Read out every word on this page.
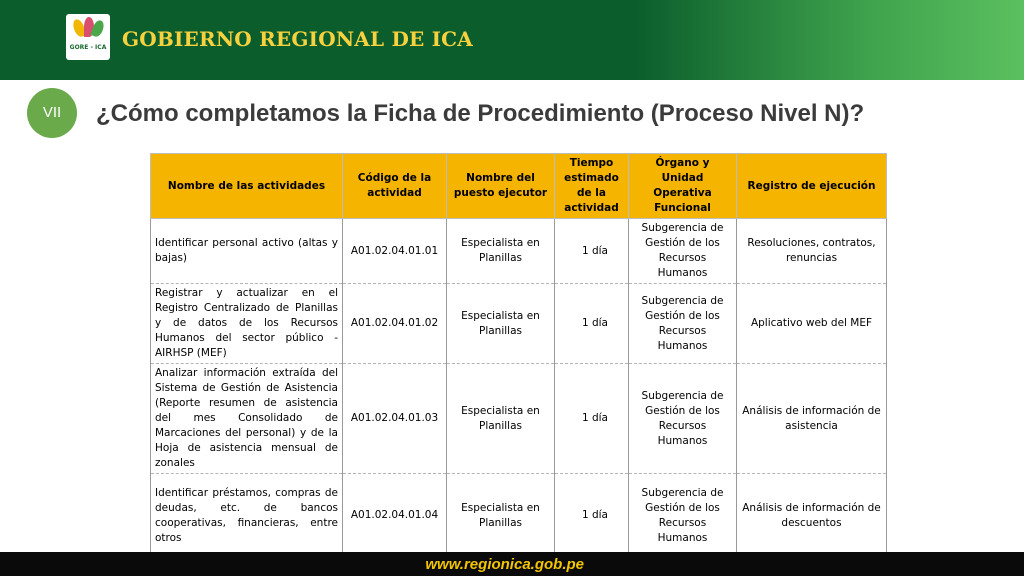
GORE - ICA GOBIERNO REGIONAL DE ICA
VII	¿Cómo completamos la Ficha de Procedimiento (Proceso Nivel N)?
Nombre de las actividades	Código de la actividad	Nombre del puesto ejecutor	Tiempo estimado de la actividad	Órgano y Unidad Operativa Funcional	Registro de ejecución
Identificar personal activo (altas y bajas)	A01.02.04.01.01	Especialista en Planillas	1 día	Subgerencia de Gestión de los Recursos Humanos	Resoluciones, contratos, renuncias
Registrar y actualizar en el Registro Centralizado de Planillas y de datos de los Recursos Humanos del sector público - AIRHSP (MEF)	A01.02.04.01.02	Especialista en Planillas	1 día	Subgerencia de Gestión de los Recursos Humanos	Aplicativo web del MEF
Analizar información extraída del Sistema de Gestión de Asistencia (Reporte resumen de asistencia del mes Consolidado de Marcaciones del personal) y de la Hoja de asistencia mensual de zonales	A01.02.04.01.03	Especialista en Planillas	1 día	Subgerencia de Gestión de los Recursos Humanos	Análisis de información de asistencia
Identificar préstamos, compras de deudas, etc. de bancos cooperativas, financieras, entre otros	A01.02.04.01.04	Especialista en Planillas	1 día	Subgerencia de Gestión de los Recursos Humanos	Análisis de información de descuentos

www.regionica.gob.pe
